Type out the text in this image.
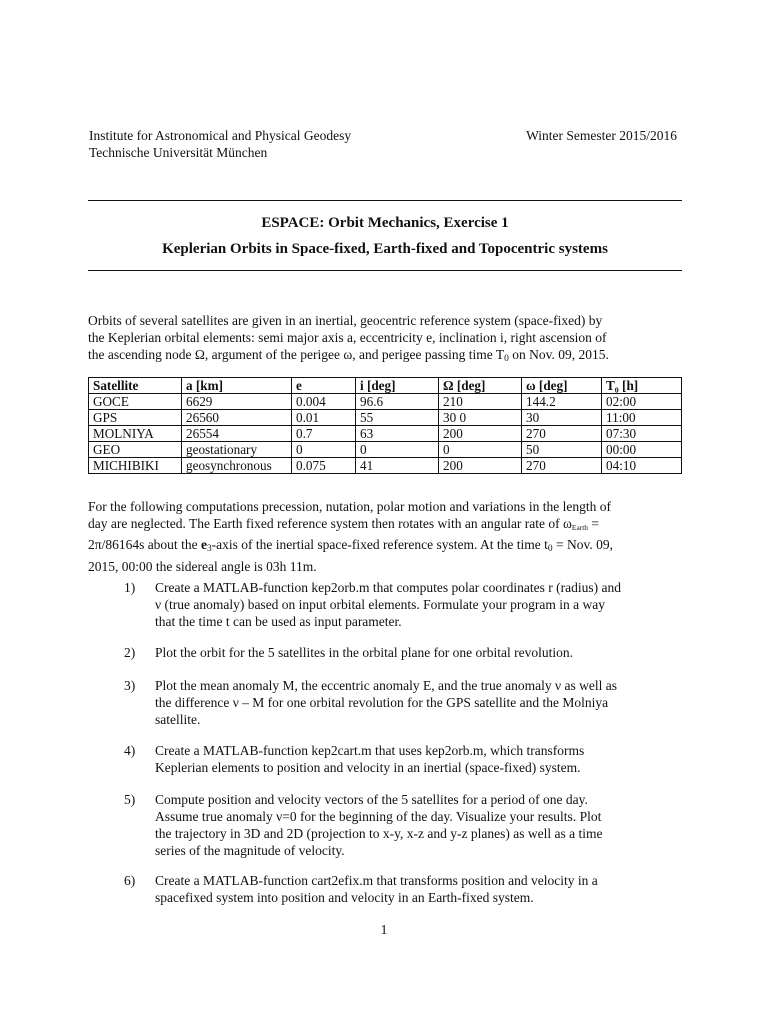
Institute for Astronomical and Physical Geodesy
Technische Universität München
Winter Semester 2015/2016
ESPACE: Orbit Mechanics, Exercise 1
Keplerian Orbits in Space-fixed, Earth-fixed and Topocentric systems
Orbits of several satellites are given in an inertial, geocentric reference system (space-fixed) by
the Keplerian orbital elements: semi major axis a, eccentricity e, inclination i, right ascension of
the ascending node Ω, argument of the perigee ω, and perigee passing time $T_0$ on Nov. 09, 2015.
Satellite	a [km]	e	i [deg]	Ω [deg]	ω [deg]	T₀ [h]
GOCE	6629	0.004	96.6	210	144.2	02:00
GPS	26560	0.01	55	30 0	30	11:00
MOLNIYA	26554	0.7	63	200	270	07:30
GEO	geostationary	0	0	0	50	00:00
MICHIBIKI	geosynchronous	0.075	41	200	270	04:10
For the following computations precession, nutation, polar motion and variations in the length of
day are neglected. The Earth fixed reference system then rotates with an angular rate of ωEarth =
2π/86164s about the $e_3$-axis of the inertial space-fixed reference system. At the time $t_0$ = Nov. 09,
2015, 00:00 the sidereal angle is 03h 11m.
1) Create a MATLAB-function kep2orb.m that computes polar coordinates r (radius) and
ν (true anomaly) based on input orbital elements. Formulate your program in a way
that the time t can be used as input parameter.
2) Plot the orbit for the 5 satellites in the orbital plane for one orbital revolution.
3) Plot the mean anomaly M, the eccentric anomaly E, and the true anomaly ν as well as
the difference ν – M for one orbital revolution for the GPS satellite and the Molniya
satellite.
4) Create a MATLAB-function kep2cart.m that uses kep2orb.m, which transforms
Keplerian elements to position and velocity in an inertial (space-fixed) system.
5) Compute position and velocity vectors of the 5 satellites for a period of one day.
Assume true anomaly ν=0 for the beginning of the day. Visualize your results. Plot
the trajectory in 3D and 2D (projection to x-y, x-z and y-z planes) as well as a time
series of the magnitude of velocity.
6) Create a MATLAB-function cart2efix.m that transforms position and velocity in a
spacefixed system into position and velocity in an Earth-fixed system.
1
